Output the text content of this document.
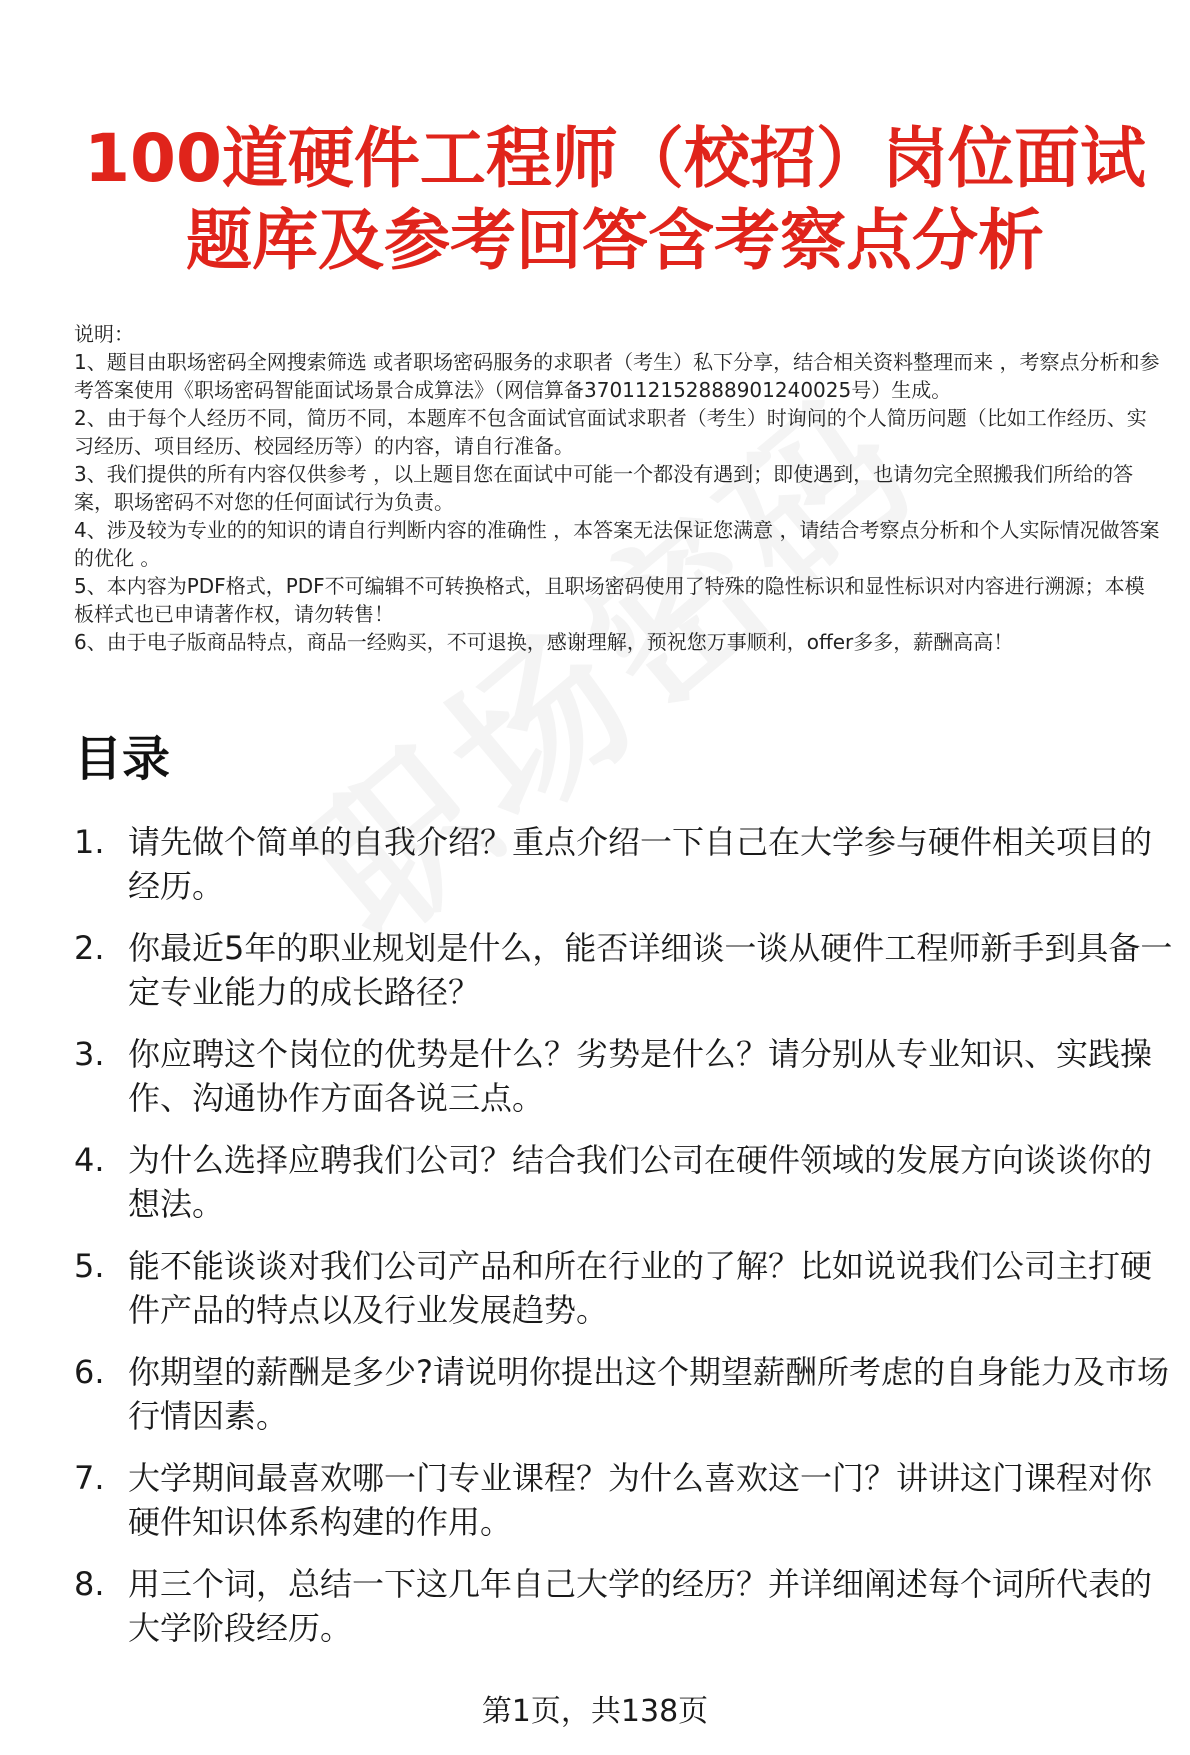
100道硬件工程师（校招）岗位面试
题库及参考回答含考察点分析

说明：

1、题目由职场密码全网搜索筛选 或者职场密码服务的求职者（考生）私下分享，结合相关资料整理而来 ，考察点分析和参考答案使用《职场密码智能面试场景合成算法》（网信算备370112152888901240025号）生成。

2、由于每个人经历不同，简历不同，本题库不包含面试官面试求职者（考生）时询问的个人简历问题（比如工作经历、实习经历、项目经历、校园经历等）的内容，请自行准备。

3、我们提供的所有内容仅供参考 ，以上题目您在面试中可能一个都没有遇到；即使遇到，也请勿完全照搬我们所给的答案，职场密码不对您的任何面试行为负责。

4、涉及较为专业的的知识的请自行判断内容的准确性 ，本答案无法保证您满意 ，请结合考察点分析和个人实际情况做答案的优化 。

5、本内容为PDF格式，PDF不可编辑不可转换格式，且职场密码使用了特殊的隐性标识和显性标识对内容进行溯源；本模板样式也已申请著作权，请勿转售！

6、由于电子版商品特点，商品一经购买，不可退换，感谢理解，预祝您万事顺利，offer多多，薪酬高高！

目录
1. 请先做个简单的自我介绍？重点介绍一下自己在大学参与硬件相关项目的经历。
2. 你最近5年的职业规划是什么，能否详细谈一谈从硬件工程师新手到具备一定专业能力的成长路径？
3. 你应聘这个岗位的优势是什么？劣势是什么？请分别从专业知识、实践操作、沟通协作方面各说三点。
4. 为什么选择应聘我们公司？结合我们公司在硬件领域的发展方向谈谈你的想法。
5. 能不能谈谈对我们公司产品和所在行业的了解？比如说说我们公司主打硬件产品的特点以及行业发展趋势。
6. 你期望的薪酬是多少?请说明你提出这个期望薪酬所考虑的自身能力及市场行情因素。
7. 大学期间最喜欢哪一门专业课程？为什么喜欢这一门？讲讲这门课程对你硬件知识体系构建的作用。
8. 用三个词，总结一下这几年自己大学的经历？并详细阐述每个词所代表的大学阶段经历。
第1页，共138页
